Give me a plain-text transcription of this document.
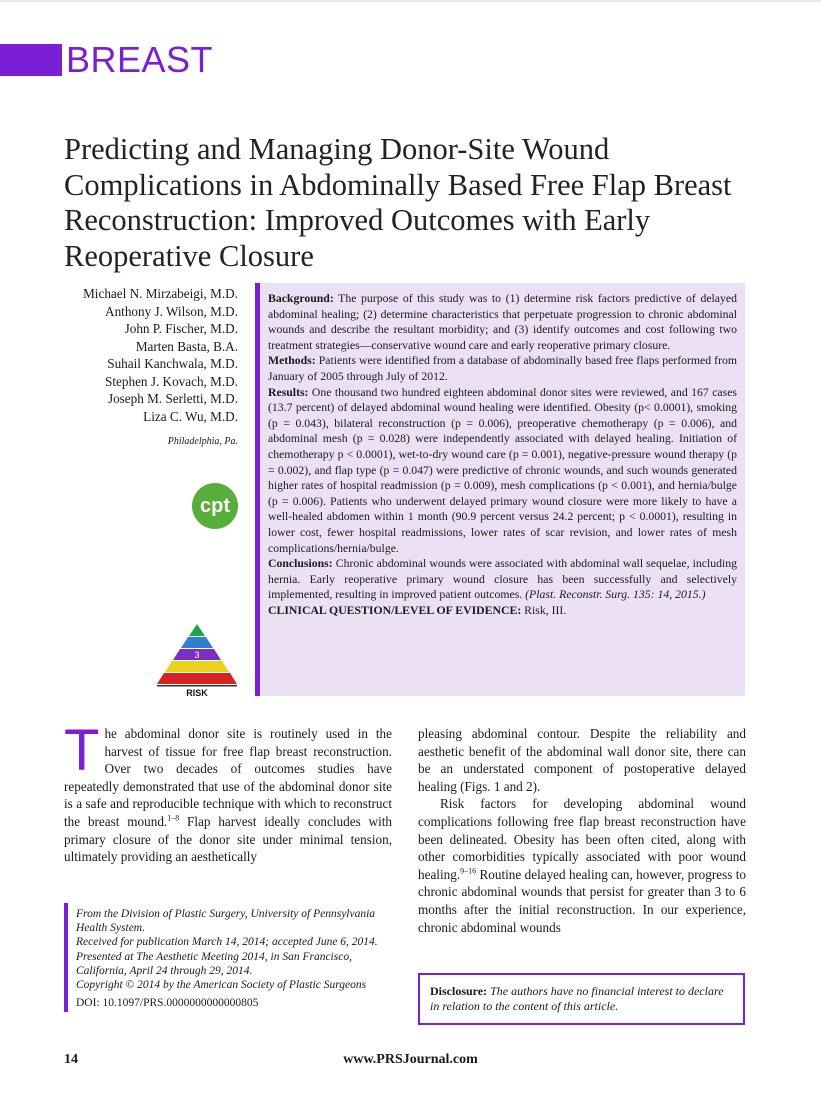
BREAST
Predicting and Managing Donor-Site Wound Complications in Abdominally Based Free Flap Breast Reconstruction: Improved Outcomes with Early Reoperative Closure
Michael N. Mirzabeigi, M.D.
Anthony J. Wilson, M.D.
John P. Fischer, M.D.
Marten Basta, B.A.
Suhail Kanchwala, M.D.
Stephen J. Kovach, M.D.
Joseph M. Serletti, M.D.
Liza C. Wu, M.D.
Philadelphia, Pa.
cpt
3
RISK

Background: The purpose of this study was to (1) determine risk factors predictive of delayed abdominal healing; (2) determine characteristics that perpetuate progression to chronic abdominal wounds and describe the resultant morbidity; and (3) identify outcomes and cost following two treatment strategies—conservative wound care and early reoperative primary closure.

Methods: Patients were identified from a database of abdominally based free flaps performed from January of 2005 through July of 2012.

Results: One thousand two hundred eighteen abdominal donor sites were reviewed, and 167 cases (13.7 percent) of delayed abdominal wound healing were identified. Obesity (p< 0.0001), smoking (p = 0.043), bilateral reconstruction (p = 0.006), preoperative chemotherapy (p = 0.006), and abdominal mesh (p = 0.028) were independently associated with delayed healing. Initiation of chemotherapy p < 0.0001), wet-to-dry wound care (p = 0.001), negative-pressure wound therapy (p = 0.002), and flap type (p = 0.047) were predictive of chronic wounds, and such wounds generated higher rates of hospital readmission (p = 0.009), mesh complications (p < 0.001), and hernia/bulge (p = 0.006). Patients who underwent delayed primary wound closure were more likely to have a well-healed abdomen within 1 month (90.9 percent versus 24.2 percent; p < 0.0001), resulting in lower cost, fewer hospital readmissions, lower rates of scar revision, and lower rates of mesh complications/hernia/bulge.

Conclusions: Chronic abdominal wounds were associated with abdominal wall sequelae, including hernia. Early reoperative primary wound closure has been successfully and selectively implemented, resulting in improved patient outcomes. (Plast. Reconstr. Surg. 135: 14, 2015.)

CLINICAL QUESTION/LEVEL OF EVIDENCE: Risk, III.

The abdominal donor site is routinely used in the harvest of tissue for free flap breast reconstruction. Over two decades of outcomes studies have repeatedly demonstrated that use of the abdominal donor site is a safe and reproducible technique with which to reconstruct the breast mound.$^{1-8}$ Flap harvest ideally concludes with primary closure of the donor site under minimal tension, ultimately providing an aesthetically

pleasing abdominal contour. Despite the reliability and aesthetic benefit of the abdominal wall donor site, there can be an understated component of postoperative delayed healing (Figs. 1 and 2).

Risk factors for developing abdominal wound complications following free flap breast reconstruction have been delineated. Obesity has been often cited, along with other comorbidities typically associated with poor wound healing.$^{9-16}$ Routine delayed healing can, however, progress to chronic abdominal wounds that persist for greater than 3 to 6 months after the initial reconstruction. In our experience, chronic abdominal wounds

From the Division of Plastic Surgery, University of Pennsylvania Health System.

Received for publication March 14, 2014; accepted June 6, 2014.

Presented at The Aesthetic Meeting 2014, in San Francisco, California, April 24 through 29, 2014.

Copyright © 2014 by the American Society of Plastic Surgeons

DOI: 10.1097/PRS.0000000000000805

Disclosure: The authors have no financial interest to declare in relation to the content of this article.
14	www.PRSJournal.com
